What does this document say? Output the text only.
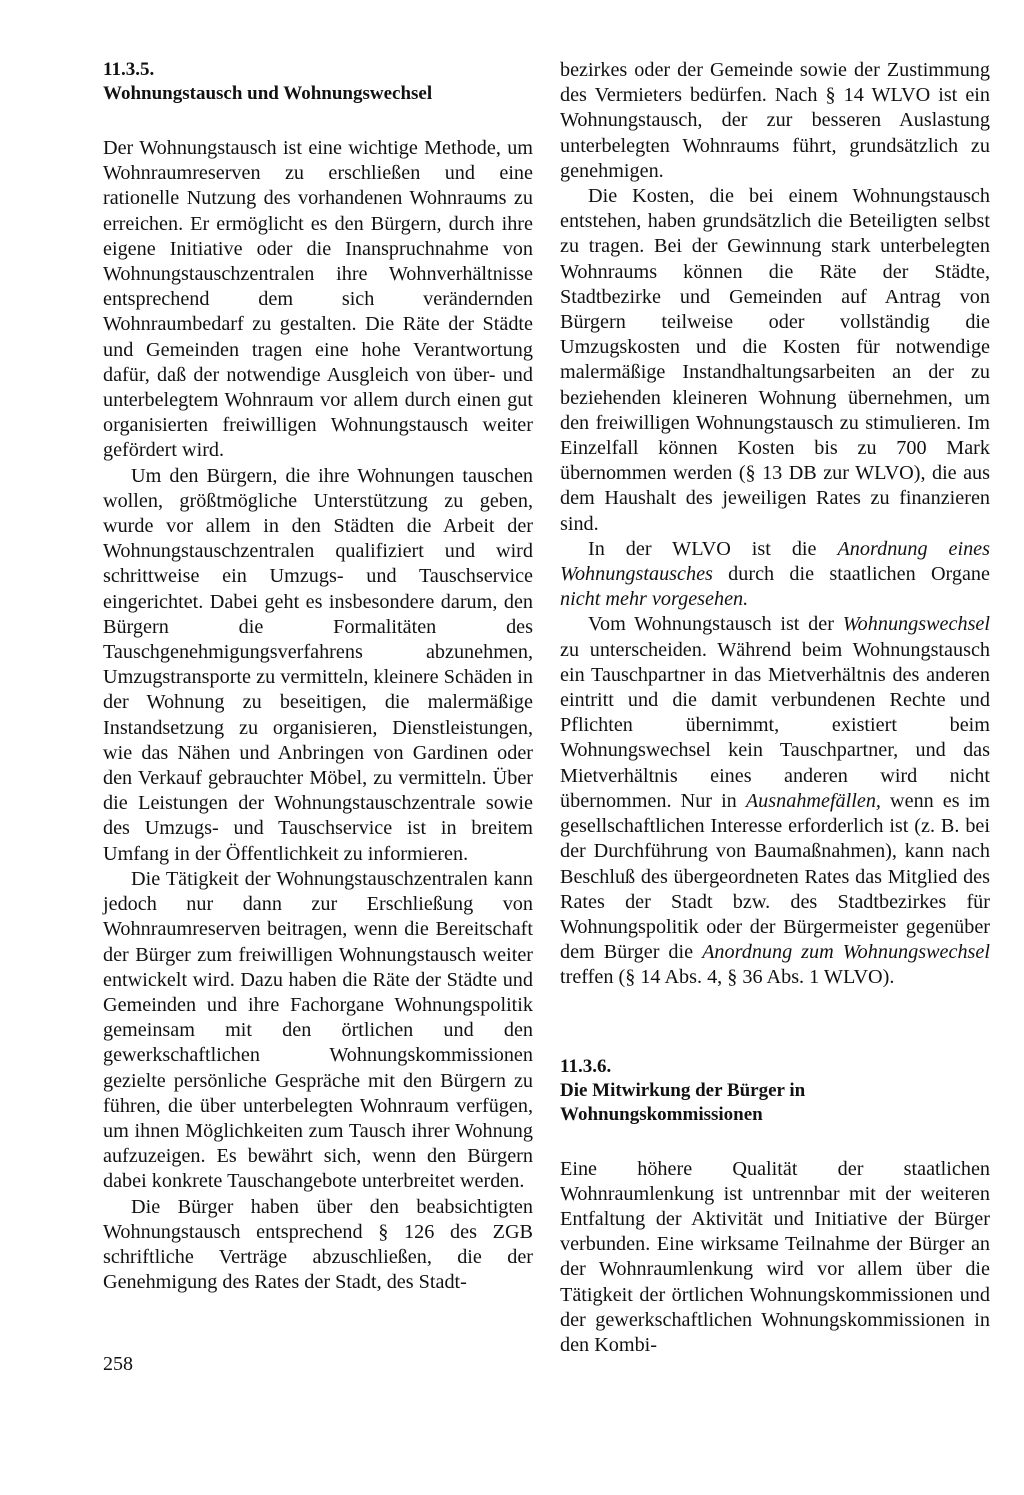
11.3.5.
Wohnungstausch und Wohnungswechsel

Der Wohnungstausch ist eine wichtige Methode, um Wohnraumreserven zu erschließen und eine rationelle Nutzung des vorhandenen Wohnraums zu erreichen. Er ermöglicht es den Bürgern, durch ihre eigene Initiative oder die Inanspruchnahme von Wohnungstauschzentralen ihre Wohnverhältnisse entsprechend dem sich verändernden Wohnraumbedarf zu gestalten. Die Räte der Städte und Gemeinden tragen eine hohe Verantwortung dafür, daß der notwendige Ausgleich von über- und unterbelegtem Wohnraum vor allem durch einen gut organisierten freiwilligen Wohnungstausch weiter gefördert wird.

Um den Bürgern, die ihre Wohnungen tauschen wollen, größtmögliche Unterstützung zu geben, wurde vor allem in den Städten die Arbeit der Wohnungstauschzentralen qualifiziert und wird schrittweise ein Umzugs- und Tauschservice eingerichtet. Dabei geht es insbesondere darum, den Bürgern die Formalitäten des Tauschgenehmigungsverfahrens abzunehmen, Umzugstransporte zu vermitteln, kleinere Schäden in der Wohnung zu beseitigen, die malermäßige Instandsetzung zu organisieren, Dienstleistungen, wie das Nähen und Anbringen von Gardinen oder den Verkauf gebrauchter Möbel, zu vermitteln. Über die Leistungen der Wohnungstauschzentrale sowie des Umzugs- und Tauschservice ist in breitem Umfang in der Öffentlichkeit zu informieren.

Die Tätigkeit der Wohnungstauschzentralen kann jedoch nur dann zur Erschließung von Wohnraumreserven beitragen, wenn die Bereitschaft der Bürger zum freiwilligen Wohnungstausch weiter entwickelt wird. Dazu haben die Räte der Städte und Gemeinden und ihre Fachorgane Wohnungspolitik gemeinsam mit den örtlichen und den gewerkschaftlichen Wohnungskommissionen gezielte persönliche Gespräche mit den Bürgern zu führen, die über unterbelegten Wohnraum verfügen, um ihnen Möglichkeiten zum Tausch ihrer Wohnung aufzuzeigen. Es bewährt sich, wenn den Bürgern dabei konkrete Tauschangebote unterbreitet werden.

Die Bürger haben über den beabsichtigten Wohnungstausch entsprechend § 126 des ZGB schriftliche Verträge abzuschließen, die der Genehmigung des Rates der Stadt, des Stadt-

bezirkes oder der Gemeinde sowie der Zustimmung des Vermieters bedürfen. Nach § 14 WLVO ist ein Wohnungstausch, der zur besseren Auslastung unterbelegten Wohnraums führt, grundsätzlich zu genehmigen.

Die Kosten, die bei einem Wohnungstausch entstehen, haben grundsätzlich die Beteiligten selbst zu tragen. Bei der Gewinnung stark unterbelegten Wohnraums können die Räte der Städte, Stadtbezirke und Gemeinden auf Antrag von Bürgern teilweise oder vollständig die Umzugskosten und die Kosten für notwendige malermäßige Instandhaltungsarbeiten an der zu beziehenden kleineren Wohnung übernehmen, um den freiwilligen Wohnungstausch zu stimulieren. Im Einzelfall können Kosten bis zu 700 Mark übernommen werden (§ 13 DB zur WLVO), die aus dem Haushalt des jeweiligen Rates zu finanzieren sind.

In der WLVO ist die Anordnung eines Wohnungstausches durch die staatlichen Organe nicht mehr vorgesehen.

Vom Wohnungstausch ist der Wohnungswechsel zu unterscheiden. Während beim Wohnungstausch ein Tauschpartner in das Mietverhältnis des anderen eintritt und die damit verbundenen Rechte und Pflichten übernimmt, existiert beim Wohnungswechsel kein Tauschpartner, und das Mietverhältnis eines anderen wird nicht übernommen. Nur in Ausnahmefällen, wenn es im gesellschaftlichen Interesse erforderlich ist (z. B. bei der Durchführung von Baumaßnahmen), kann nach Beschluß des übergeordneten Rates das Mitglied des Rates der Stadt bzw. des Stadtbezirkes für Wohnungspolitik oder der Bürgermeister gegenüber dem Bürger die Anordnung zum Wohnungswechsel treffen (§ 14 Abs. 4, § 36 Abs. 1 WLVO).

11.3.6.
Die Mitwirkung der Bürger in Wohnungskommissionen

Eine höhere Qualität der staatlichen Wohnraumlenkung ist untrennbar mit der weiteren Entfaltung der Aktivität und Initiative der Bürger verbunden. Eine wirksame Teilnahme der Bürger an der Wohnraumlenkung wird vor allem über die Tätigkeit der örtlichen Wohnungskommissionen und der gewerkschaftlichen Wohnungskommissionen in den Kombi-

258
